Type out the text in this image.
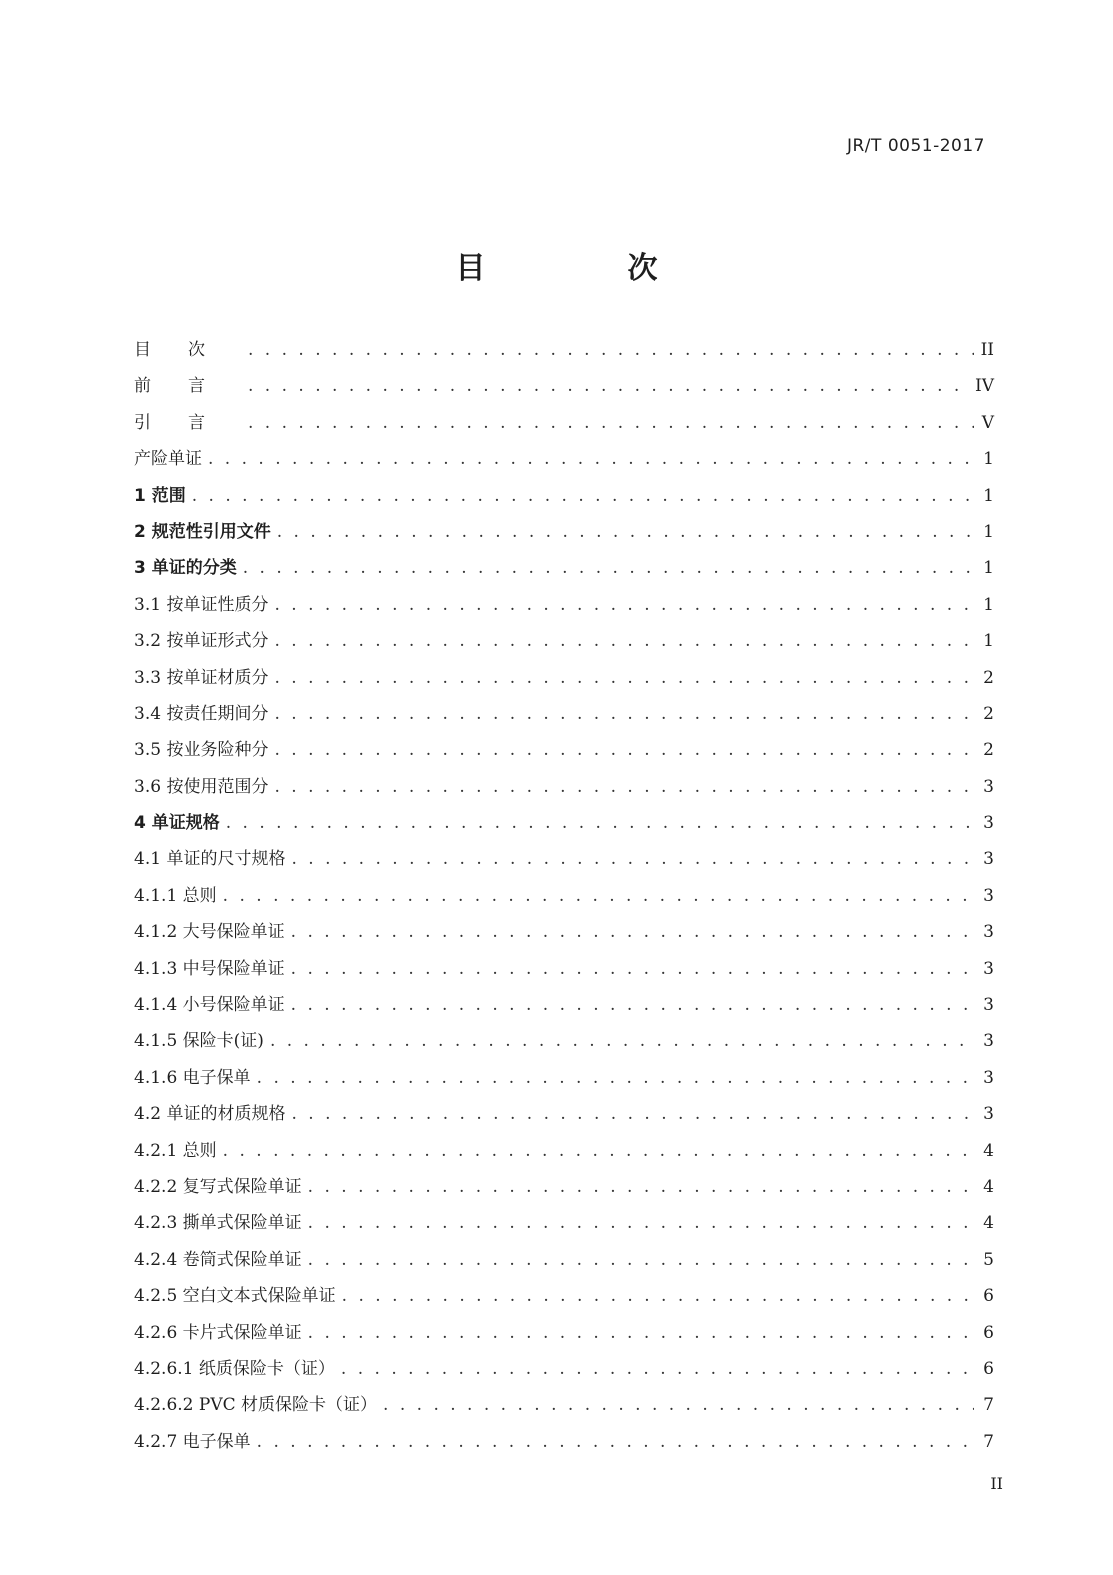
JR/T 0051-2017
目　次
目次 . . .	II
前言 . . .	IV
引言 . . .	V
产险单证 . . .	1
1 范围 . . .	1
2 规范性引用文件 . . .	1
3 单证的分类 . . .	1
3.1 按单证性质分 . . .	1
3.2 按单证形式分 . . .	1
3.3 按单证材质分 . . .	2
3.4 按责任期间分 . . .	2
3.5 按业务险种分 . . .	2
3.6 按使用范围分 . . .	3
4 单证规格 . . .	3
4.1 单证的尺寸规格 . . .	3
4.1.1 总则 . . .	3
4.1.2 大号保险单证 . . .	3
4.1.3 中号保险单证 . . .	3
4.1.4 小号保险单证 . . .	3
4.1.5 保险卡(证) . . .	3
4.1.6 电子保单 . . .	3
4.2 单证的材质规格 . . .	3
4.2.1 总则 . . .	4
4.2.2 复写式保险单证 . . .	4
4.2.3 撕单式保险单证 . . .	4
4.2.4 卷筒式保险单证 . . .	5
4.2.5 空白文本式保险单证 . . .	6
4.2.6 卡片式保险单证 . . .	6
4.2.6.1 纸质保险卡（证） . . .	6
4.2.6.2 PVC 材质保险卡（证） . . .	7
4.2.7 电子保单 . . .	7
II
